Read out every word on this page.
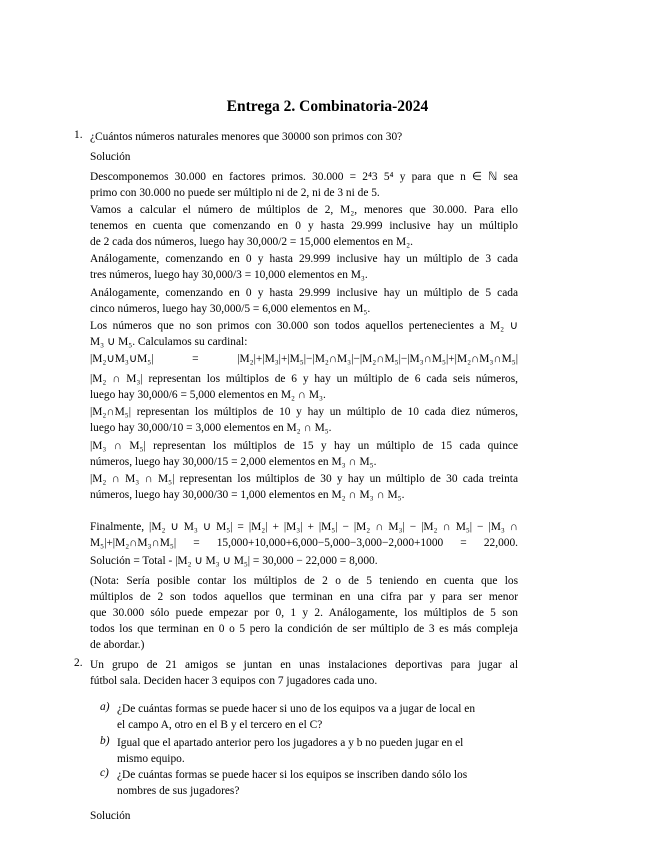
Entrega 2. Combinatoria-2024
1. ¿Cuántos números naturales menores que 30000 son primos con 30?
Solución
Descomponemos 30.000 en factores primos. 30.000 = 2⁴3 5⁴ y para que n ∈ ℕ sea
primo con 30.000 no puede ser múltiplo ni de 2, ni de 3 ni de 5.
Vamos a calcular el número de múltiplos de 2, M₂, menores que 30.000. Para ello
tenemos en cuenta que comenzando en 0 y hasta 29.999 inclusive hay un múltiplo
de 2 cada dos números, luego hay 30,000/2 = 15,000 elementos en M₂.
Análogamente, comenzando en 0 y hasta 29.999 inclusive hay un múltiplo de 3 cada
tres números, luego hay 30,000/3 = 10,000 elementos en M₃.
Análogamente, comenzando en 0 y hasta 29.999 inclusive hay un múltiplo de 5 cada
cinco números, luego hay 30,000/5 = 6,000 elementos en M₅.
Los números que no son primos con 30.000 son todos aquellos pertenecientes a M₂ ∪
M₃ ∪ M₅. Calculamos su cardinal:
|M₂∪M₃∪M₅| = |M₂|+|M₃|+|M₅|−|M₂∩M₃|−|M₂∩M₅|−|M₃∩M₅|+|M₂∩M₃∩M₅|
|M₂ ∩ M₃| representan los múltiplos de 6 y hay un múltiplo de 6 cada seis números,
luego hay 30,000/6 = 5,000 elementos en M₂ ∩ M₃.
|M₂∩M₅| representan los múltiplos de 10 y hay un múltiplo de 10 cada diez números,
luego hay 30,000/10 = 3,000 elementos en M₂ ∩ M₅.
|M₃ ∩ M₅| representan los múltiplos de 15 y hay un múltiplo de 15 cada quince
números, luego hay 30,000/15 = 2,000 elementos en M₃ ∩ M₅.
|M₂ ∩ M₃ ∩ M₅| representan los múltiplos de 30 y hay un múltiplo de 30 cada treinta
números, luego hay 30,000/30 = 1,000 elementos en M₂ ∩ M₃ ∩ M₅.
Finalmente, |M₂ ∪ M₃ ∪ M₅| = |M₂| + |M₃| + |M₅| − |M₂ ∩ M₃| − |M₂ ∩ M₅| − |M₃ ∩
M₅|+|M₂∩M₃∩M₅| = 15,000+10,000+6,000−5,000−3,000−2,000+1000 = 22,000.
Solución = Total - |M₂ ∪ M₃ ∪ M₅| = 30,000 − 22,000 = 8,000.
(Nota: Sería posible contar los múltiplos de 2 o de 5 teniendo en cuenta que los
múltiplos de 2 son todos aquellos que terminan en una cifra par y para ser menor
que 30.000 sólo puede empezar por 0, 1 y 2. Análogamente, los múltiplos de 5 son
todos los que terminan en 0 o 5 pero la condición de ser múltiplo de 3 es más compleja
de abordar.)
2. Un grupo de 21 amigos se juntan en unas instalaciones deportivas para jugar al
fútbol sala. Deciden hacer 3 equipos con 7 jugadores cada uno.
a) ¿De cuántas formas se puede hacer si uno de los equipos va a jugar de local en
el campo A, otro en el B y el tercero en el C?
b) Igual que el apartado anterior pero los jugadores a y b no pueden jugar en el
mismo equipo.
c) ¿De cuántas formas se puede hacer si los equipos se inscriben dando sólo los
nombres de sus jugadores?
Solución
